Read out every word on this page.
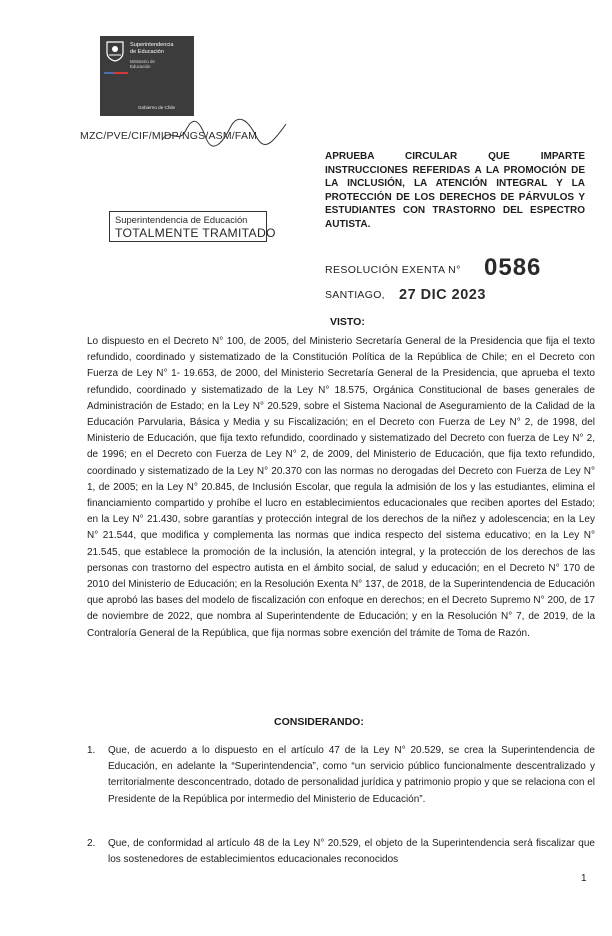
Superintendencia
de Educación
Ministerio de
Educación
Gobierno de Chile
MZC/PVE/CIF/MIDP/NGS/ASM/FAM
APRUEBA CIRCULAR QUE IMPARTE INSTRUCCIONES REFERIDAS A LA PROMOCIÓN DE LA INCLUSIÓN, LA ATENCIÓN INTEGRAL Y LA PROTECCIÓN DE LOS DERECHOS DE PÁRVULOS Y ESTUDIANTES CON TRASTORNO DEL ESPECTRO AUTISTA.
Superintendencia de Educación
TOTALMENTE TRAMITADO
RESOLUCIÓN EXENTA N° 0586
SANTIAGO, 27 DIC 2023
VISTO:
Lo dispuesto en el Decreto N° 100, de 2005, del Ministerio Secretaría General de la Presidencia que fija el texto refundido, coordinado y sistematizado de la Constitución Política de la República de Chile; en el Decreto con Fuerza de Ley N° 1- 19.653, de 2000, del Ministerio Secretaría General de la Presidencia, que aprueba el texto refundido, coordinado y sistematizado de la Ley N° 18.575, Orgánica Constitucional de bases generales de Administración de Estado; en la Ley N° 20.529, sobre el Sistema Nacional de Aseguramiento de la Calidad de la Educación Parvularia, Básica y Media y su Fiscalización; en el Decreto con Fuerza de Ley N° 2, de 1998, del Ministerio de Educación, que fija texto refundido, coordinado y sistematizado del Decreto con fuerza de Ley N° 2, de 1996; en el Decreto con Fuerza de Ley N° 2, de 2009, del Ministerio de Educación, que fija texto refundido, coordinado y sistematizado de la Ley N° 20.370 con las normas no derogadas del Decreto con Fuerza de Ley N° 1, de 2005; en la Ley N° 20.845, de Inclusión Escolar, que regula la admisión de los y las estudiantes, elimina el financiamiento compartido y prohíbe el lucro en establecimientos educacionales que reciben aportes del Estado; en la Ley N° 21.430, sobre garantías y protección integral de los derechos de la niñez y adolescencia; en la Ley N° 21.544, que modifica y complementa las normas que indica respecto del sistema educativo; en la Ley N° 21.545, que establece la promoción de la inclusión, la atención integral, y la protección de los derechos de las personas con trastorno del espectro autista en el ámbito social, de salud y educación; en el Decreto N° 170 de 2010 del Ministerio de Educación; en la Resolución Exenta N° 137, de 2018, de la Superintendencia de Educación que aprobó las bases del modelo de fiscalización con enfoque en derechos; en el Decreto Supremo N° 200, de 17 de noviembre de 2022, que nombra al Superintendente de Educación; y en la Resolución N° 7, de 2019, de la Contraloría General de la República, que fija normas sobre exención del trámite de Toma de Razón.
CONSIDERANDO:
1.	Que, de acuerdo a lo dispuesto en el artículo 47 de la Ley N° 20.529, se crea la Superintendencia de Educación, en adelante la “Superintendencia”, como “un servicio público funcionalmente descentralizado y territorialmente desconcentrado, dotado de personalidad jurídica y patrimonio propio y que se relaciona con el Presidente de la República por intermedio del Ministerio de Educación”.
2.	Que, de conformidad al artículo 48 de la Ley N° 20.529, el objeto de la Superintendencia será fiscalizar que los sostenedores de establecimientos educacionales reconocidos
1
